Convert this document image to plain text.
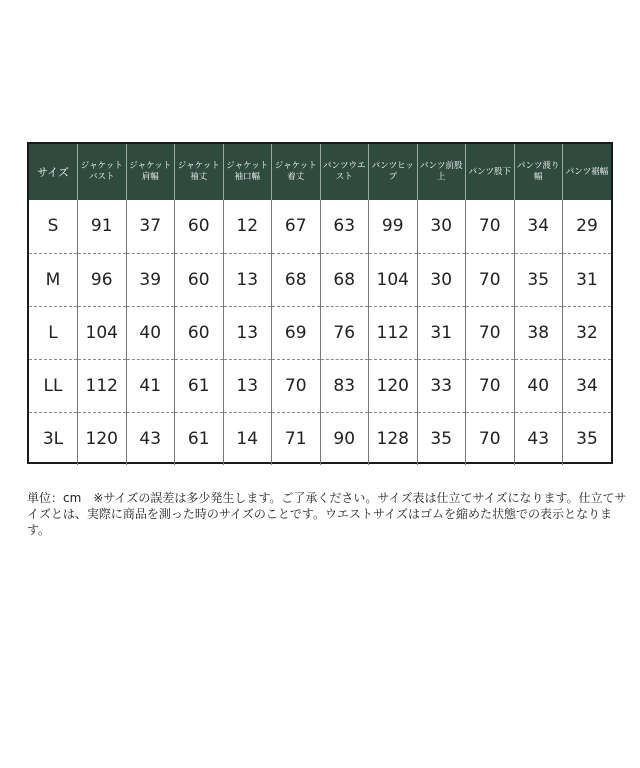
サイズ	ジャケットバスト	ジャケット肩幅	ジャケット袖丈	ジャケット袖口幅	ジャケット着丈	パンツウエスト	パンツヒップ	パンツ前股上	パンツ股下	パンツ渡り幅	パンツ裾幅
S	91	37	60	12	67	63	99	30	70	34	29
M	96	39	60	13	68	68	104	30	70	35	31
L	104	40	60	13	69	76	112	31	70	38	32
LL	112	41	61	13	70	83	120	33	70	40	34
3L	120	43	61	14	71	90	128	35	70	43	35

単位：cm　※サイズの誤差は多少発生します。ご了承ください。サイズ表は仕立てサイズになります。仕立てサイズとは、実際に商品を測った時のサイズのことです。ウエストサイズはゴムを縮めた状態での表示となります。
